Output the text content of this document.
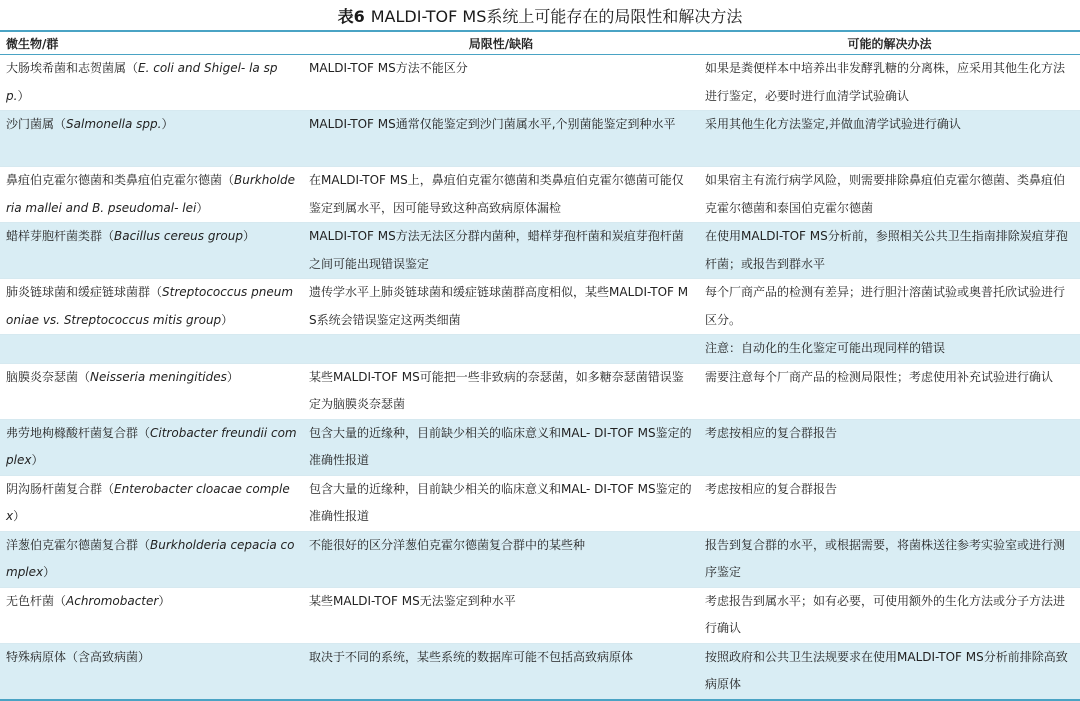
表6 MALDI-TOF MS系统上可能存在的局限性和解决方法
微生物/群	局限性/缺陷	可能的解决办法
大肠埃希菌和志贺菌属（E. coli and Shigel- la spp.）	MALDI-TOF MS方法不能区分	如果是粪便样本中培养出非发酵乳糖的分离株，应采用其他生化方法进行鉴定，必要时进行血清学试验确认
沙门菌属（Salmonella spp.）	MALDI-TOF MS通常仅能鉴定到沙门菌属水平,个别菌能鉴定到种水平	采用其他生化方法鉴定,并做血清学试验进行确认
鼻疽伯克霍尔德菌和类鼻疽伯克霍尔德菌（Burkholderia mallei and B. pseudomal- lei）	在MALDI-TOF MS上，鼻疽伯克霍尔德菌和类鼻疽伯克霍尔德菌可能仅鉴定到属水平，因可能导致这种高致病原体漏检	如果宿主有流行病学风险，则需要排除鼻疽伯克霍尔德菌、类鼻疽伯克霍尔德菌和泰国伯克霍尔德菌
蜡样芽胞杆菌类群（Bacillus cereus group）	MALDI-TOF MS方法无法区分群内菌种，蜡样芽孢杆菌和炭疽芽孢杆菌之间可能出现错误鉴定	在使用MALDI-TOF MS分析前，参照相关公共卫生指南排除炭疽芽孢杆菌；或报告到群水平
肺炎链球菌和缓症链球菌群（Streptococcus pneumoniae vs. Streptococcus mitis group）	遗传学水平上肺炎链球菌和缓症链球菌群高度相似，某些MALDI-TOF MS系统会错误鉴定这两类细菌	每个厂商产品的检测有差异；进行胆汁溶菌试验或奥普托欣试验进行区分。
		注意：自动化的生化鉴定可能出现同样的错误
脑膜炎奈瑟菌（Neisseria meningitides）	某些MALDI-TOF MS可能把一些非致病的奈瑟菌，如多糖奈瑟菌错误鉴定为脑膜炎奈瑟菌	需要注意每个厂商产品的检测局限性；考虑使用补充试验进行确认
弗劳地枸橼酸杆菌复合群（Citrobacter freundii complex）	包含大量的近缘种，目前缺少相关的临床意义和MAL- DI-TOF MS鉴定的准确性报道	考虑按相应的复合群报告
阴沟肠杆菌复合群（Enterobacter cloacae complex）	包含大量的近缘种，目前缺少相关的临床意义和MAL- DI-TOF MS鉴定的准确性报道	考虑按相应的复合群报告
洋葱伯克霍尔德菌复合群（Burkholderia cepacia complex）	不能很好的区分洋葱伯克霍尔德菌复合群中的某些种	报告到复合群的水平，或根据需要，将菌株送往参考实验室或进行测序鉴定
无色杆菌（Achromobacter）	某些MALDI-TOF MS无法鉴定到种水平	考虑报告到属水平；如有必要，可使用额外的生化方法或分子方法进行确认
特殊病原体（含高致病菌）	取决于不同的系统，某些系统的数据库可能不包括高致病原体	按照政府和公共卫生法规要求在使用MALDI-TOF MS分析前排除高致病原体
